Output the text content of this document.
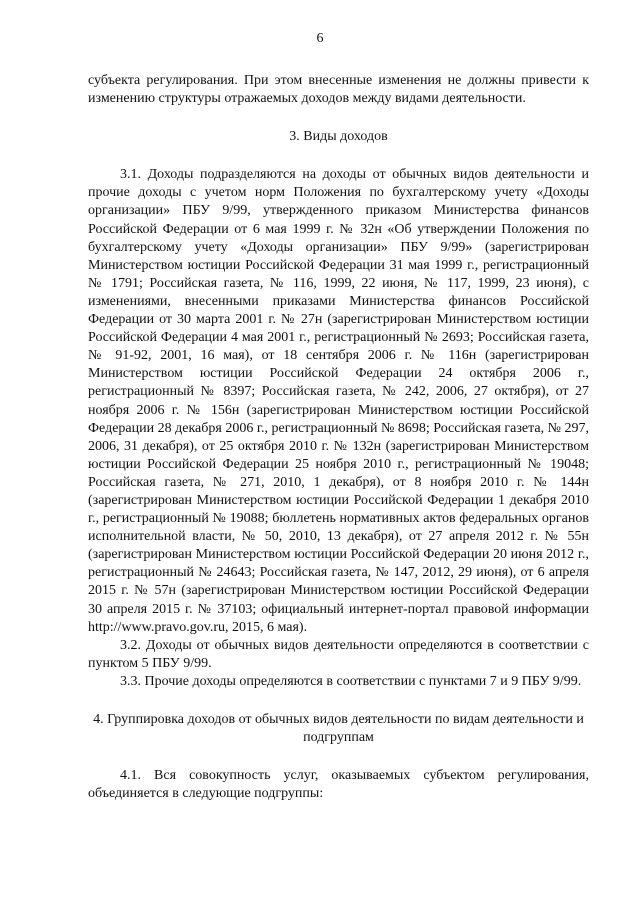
6

субъекта регулирования. При этом внесенные изменения не должны привести к изменению структуры отражаемых доходов между видами деятельности.

3. Виды доходов

3.1. Доходы подразделяются на доходы от обычных видов деятельности и прочие доходы с учетом норм Положения по бухгалтерскому учету «Доходы организации» ПБУ 9/99, утвержденного приказом Министерства финансов Российской Федерации от 6 мая 1999 г. № 32н «Об утверждении Положения по бухгалтерскому учету «Доходы организации» ПБУ 9/99» (зарегистрирован Министерством юстиции Российской Федерации 31 мая 1999 г., регистрационный № 1791; Российская газета, № 116, 1999, 22 июня, № 117, 1999, 23 июня), с изменениями, внесенными приказами Министерства финансов Российской Федерации от 30 марта 2001 г. № 27н (зарегистрирован Министерством юстиции Российской Федерации 4 мая 2001 г., регистрационный № 2693; Российская газета, № 91-92, 2001, 16 мая), от 18 сентября 2006 г. № 116н (зарегистрирован Министерством юстиции Российской Федерации 24 октября 2006 г., регистрационный № 8397; Российская газета, № 242, 2006, 27 октября), от 27 ноября 2006 г. № 156н (зарегистрирован Министерством юстиции Российской Федерации 28 декабря 2006 г., регистрационный № 8698; Российская газета, № 297, 2006, 31 декабря), от 25 октября 2010 г. № 132н (зарегистрирован Министерством юстиции Российской Федерации 25 ноября 2010 г., регистрационный № 19048; Российская газета, № 271, 2010, 1 декабря), от 8 ноября 2010 г. № 144н (зарегистрирован Министерством юстиции Российской Федерации 1 декабря 2010 г., регистрационный № 19088; бюллетень нормативных актов федеральных органов исполнительной власти, № 50, 2010, 13 декабря), от 27 апреля 2012 г. № 55н (зарегистрирован Министерством юстиции Российской Федерации 20 июня 2012 г., регистрационный № 24643; Российская газета, № 147, 2012, 29 июня), от 6 апреля 2015 г. № 57н (зарегистрирован Министерством юстиции Российской Федерации 30 апреля 2015 г. № 37103; официальный интернет-портал правовой информации http://www.pravo.gov.ru, 2015, 6 мая).

3.2. Доходы от обычных видов деятельности определяются в соответствии с пунктом 5 ПБУ 9/99.

3.3. Прочие доходы определяются в соответствии с пунктами 7 и 9 ПБУ 9/99.

4. Группировка доходов от обычных видов деятельности по видам деятельности и подгруппам

4.1. Вся совокупность услуг, оказываемых субъектом регулирования, объединяется в следующие подгруппы:
